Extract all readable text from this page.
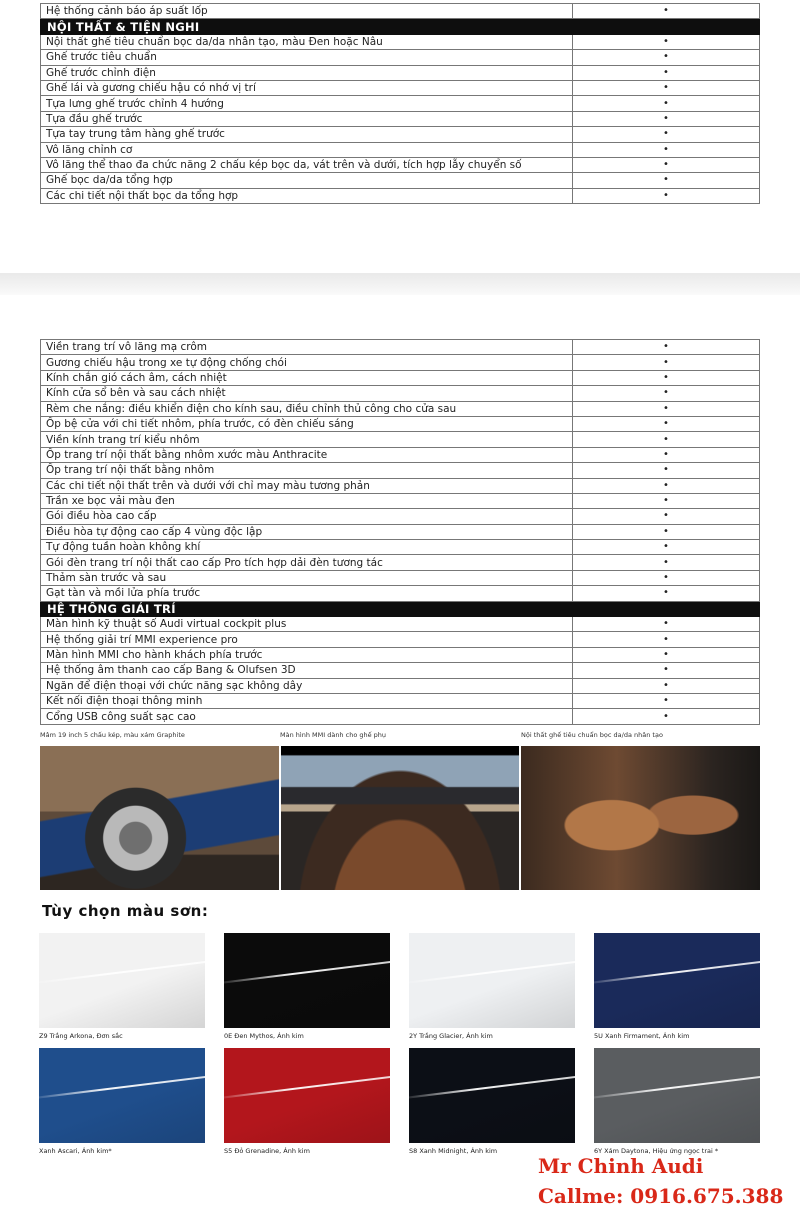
Hệ thống cảnh báo áp suất lốp	•
NỘI THẤT & TIỆN NGHI	
Nội thất ghế tiêu chuẩn bọc da/da nhân tạo, màu Đen hoặc Nâu	•
Ghế trước tiêu chuẩn	•
Ghế trước chỉnh điện	•
Ghế lái và gương chiếu hậu có nhớ vị trí	•
Tựa lưng ghế trước chỉnh 4 hướng	•
Tựa đầu ghế trước	•
Tựa tay trung tâm hàng ghế trước	•
Vô lăng chỉnh cơ	•
Vô lăng thể thao đa chức năng 2 chấu kép bọc da, vát trên và dưới, tích hợp lẫy chuyển số	•
Ghế bọc da/da tổng hợp	•
Các chi tiết nội thất bọc da tổng hợp	•
Viền trang trí vô lăng mạ crôm	•
Gương chiếu hậu trong xe tự động chống chói	•
Kính chắn gió cách âm, cách nhiệt	•
Kính cửa sổ bên và sau cách nhiệt	•
Rèm che nắng: điều khiển điện cho kính sau, điều chỉnh thủ công cho cửa sau	•
Ốp bệ cửa với chi tiết nhôm, phía trước, có đèn chiếu sáng	•
Viền kính trang trí kiểu nhôm	•
Ốp trang trí nội thất bằng nhôm xước màu Anthracite	•
Ốp trang trí nội thất bằng nhôm	•
Các chi tiết nội thất trên và dưới với chỉ may màu tương phản	•
Trần xe bọc vải màu đen	•
Gói điều hòa cao cấp	•
Điều hòa tự động cao cấp 4 vùng độc lập	•
Tự động tuần hoàn không khí	•
Gói đèn trang trí nội thất cao cấp Pro tích hợp dải đèn tương tác	•
Thảm sàn trước và sau	•
Gạt tàn và mồi lửa phía trước	•
HỆ THỐNG GIẢI TRÍ	
Màn hình kỹ thuật số Audi virtual cockpit plus	•
Hệ thống giải trí MMI experience pro	•
Màn hình MMI cho hành khách phía trước	•
Hệ thống âm thanh cao cấp Bang & Olufsen 3D	•
Ngăn để điện thoại với chức năng sạc không dây	•
Kết nối điện thoại thông minh	•
Cổng USB công suất sạc cao	•
Mâm 19 inch 5 chấu kép, màu xám Graphite	Màn hình MMI dành cho ghế phụ	Nội thất ghế tiêu chuẩn bọc da/da nhân tạo
Tùy chọn màu sơn:
Z9 Trắng Arkona, Đơn sắc	0E Đen Mythos, Ánh kim	2Y Trắng Glacier, Ánh kim	5U Xanh Firmament, Ánh kim
Xanh Ascari, Ánh kim*	S5 Đỏ Grenadine, Ánh kim	S8 Xanh Midnight, Ánh kim	6Y Xám Daytona, Hiệu ứng ngọc trai *
Mr Chinh Audi
Callme: 0916.675.388
